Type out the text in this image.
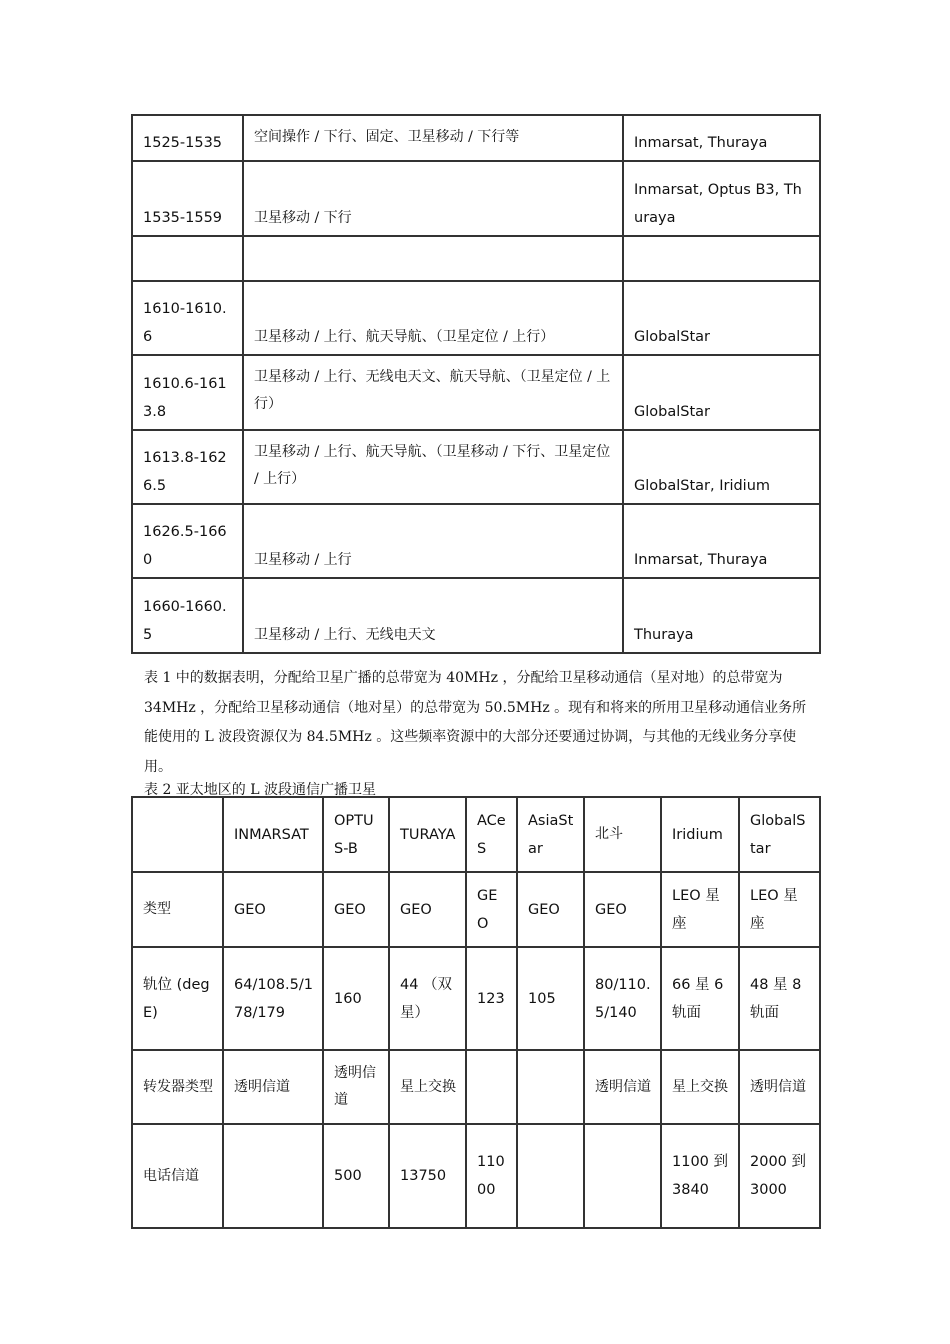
1525-1535	空间操作 / 下行、固定、卫星移动 / 下行等	Inmarsat, Thuraya
1535-1559	卫星移动 / 下行	Inmarsat, Optus B3, Thuraya

1610-1610.6	卫星移动 / 上行、航天导航、（卫星定位 / 上行）	GlobalStar
1610.6-1613.8	卫星移动 / 上行、无线电天文、航天导航、（卫星定位 / 上行）	GlobalStar
1613.8-1626.5	卫星移动 / 上行、航天导航、（卫星移动 / 下行、卫星定位 / 上行）	GlobalStar, Iridium
1626.5-1660	卫星移动 / 上行	Inmarsat, Thuraya
1660-1660.5	卫星移动 / 上行、无线电天文	Thuraya

表 1 中的数据表明，分配给卫星广播的总带宽为 40MHz ，分配给卫星移动通信（星对地）的总带宽为 34MHz ，分配给卫星移动通信（地对星）的总带宽为 50.5MHz 。现有和将来的所用卫星移动通信业务所能使用的 L 波段资源仅为 84.5MHz 。这些频率资源中的大部分还要通过协调，与其他的无线业务分享使用。

表 2 亚太地区的 L 波段通信广播卫星
	INMARSAT	OPTUS-B	TURAYA	ACeS	AsiaStar	北斗	Iridium	GlobalStar
类型	GEO	GEO	GEO	GEO	GEO	GEO	LEO 星座	LEO 星座
轨位 (deg E)	64/108.5/178/179	160	44 （双星）	123	105	80/110.5/140	66 星 6 轨面	48 星 8 轨面
转发器类型	透明信道	透明信道	星上交换			透明信道	星上交换	透明信道
电话信道		500	13750	11000			1100 到 3840	2000 到 3000
